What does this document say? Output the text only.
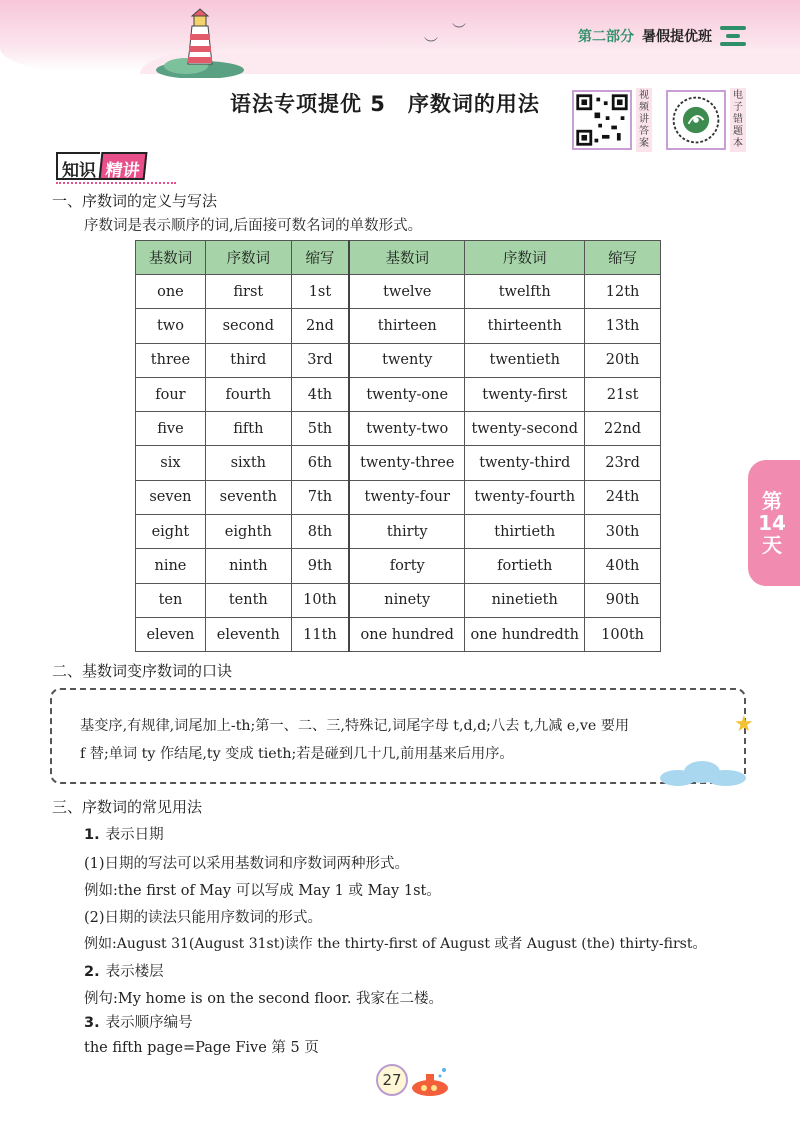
︶
︶	第二部分 暑假提优班
语法专项提优 5　序数词的用法	视频讲答案
电子错题本
知识 精讲
一、序数词的定义与写法
序数词是表示顺序的词,后面接可数名词的单数形式。
基数词	序数词	缩写	基数词	序数词	缩写
one	first	1st	twelve	twelfth	12th
two	second	2nd	thirteen	thirteenth	13th
three	third	3rd	twenty	twentieth	20th
four	fourth	4th	twenty-one	twenty-first	21st
five	fifth	5th	twenty-two	twenty-second	22nd
six	sixth	6th	twenty-three	twenty-third	23rd
seven	seventh	7th	twenty-four	twenty-fourth	24th
eight	eighth	8th	thirty	thirtieth	30th
nine	ninth	9th	forty	fortieth	40th
ten	tenth	10th	ninety	ninetieth	90th
eleven	eleventh	11th	one hundred	one hundredth	100th
二、基数词变序数词的口诀
基变序,有规律,词尾加上-th;第一、二、三,特殊记,词尾字母 t,d,d;八去 t,九减 e,ve 要用
f 替;单词 ty 作结尾,ty 变成 tieth;若是碰到几十几,前用基来后用序。
★
第
14
天
三、序数词的常见用法
1. 表示日期
(1)日期的写法可以采用基数词和序数词两种形式。
例如:the first of May 可以写成 May 1 或 May 1st。
(2)日期的读法只能用序数词的形式。
例如:August 31(August 31st)读作 the thirty-first of August 或者 August (the) thirty-first。
2. 表示楼层
例句:My home is on the second floor. 我家在二楼。
3. 表示顺序编号
the fifth page=Page Five 第 5 页
27
